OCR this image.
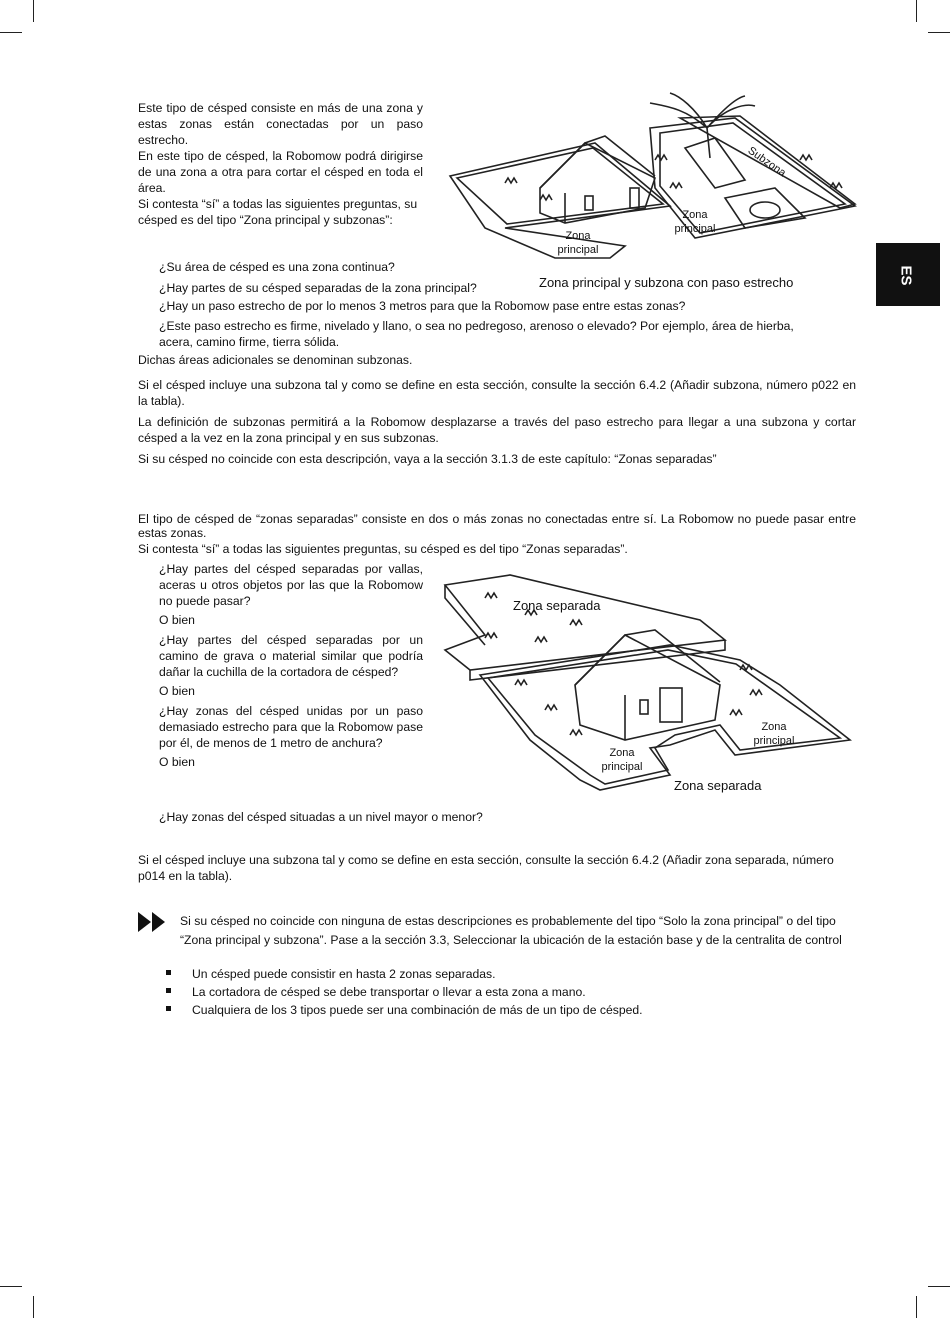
ES
Este tipo de césped consiste en más de una zona y estas zonas están conectadas por un paso estrecho.
En este tipo de césped, la Robomow podrá dirigirse de una zona a otra para cortar el césped en toda el área.
Si contesta “sí” a todas las siguientes preguntas, su césped es del tipo “Zona principal y subzonas”:
Subzona
Zona principal
Zona principal
Zona principal y subzona con paso estrecho
¿Su área de césped es una zona continua?
¿Hay partes de su césped separadas de la zona principal?
¿Hay un paso estrecho de por lo menos 3 metros para que la Robomow pase entre estas zonas?
¿Este paso estrecho es firme, nivelado y llano, o sea no pedregoso, arenoso o elevado? Por ejemplo, área de hierba, acera, camino firme, tierra sólida.
Dichas áreas adicionales se denominan subzonas.
Si el césped incluye una subzona tal y como se define en esta sección, consulte la sección 6.4.2 (Añadir subzona, número p022 en la tabla).
La definición de subzonas permitirá a la Robomow desplazarse a través del paso estrecho para llegar a una subzona y cortar césped a la vez en la zona principal y en sus subzonas.
Si su césped no coincide con esta descripción, vaya a la sección 3.1.3 de este capítulo: “Zonas separadas”
El tipo de césped de “zonas separadas” consiste en dos o más zonas no conectadas entre sí. La Robomow no puede pasar entre estas zonas.
Si contesta “sí” a todas las siguientes preguntas, su césped es del tipo “Zonas separadas”.
¿Hay partes del césped separadas por vallas, aceras u otros objetos por las que la Robomow no puede pasar?
O bien
¿Hay partes del césped separadas por un camino de grava o material similar que podría dañar la cuchilla de la cortadora de césped?
O bien
¿Hay zonas del césped unidas por un paso demasiado estrecho para que la Robomow pase por él, de menos de 1 metro de anchura?
O bien
¿Hay zonas del césped situadas a un nivel mayor o menor?
Zona separada
Zona principal
Zona principal
Zona separada
Si el césped incluye una subzona tal y como se define en esta sección, consulte la sección 6.4.2 (Añadir zona separada, número p014 en la tabla).
Si su césped no coincide con ninguna de estas descripciones es probablemente del tipo “Solo la zona principal” o del tipo “Zona principal y subzona”. Pase a la sección 3.3, Seleccionar la ubicación de la estación base y de la centralita de control
Un césped puede consistir en hasta 2 zonas separadas.
La cortadora de césped se debe transportar o llevar a esta zona a mano.
Cualquiera de los 3 tipos puede ser una combinación de más de un tipo de césped.
